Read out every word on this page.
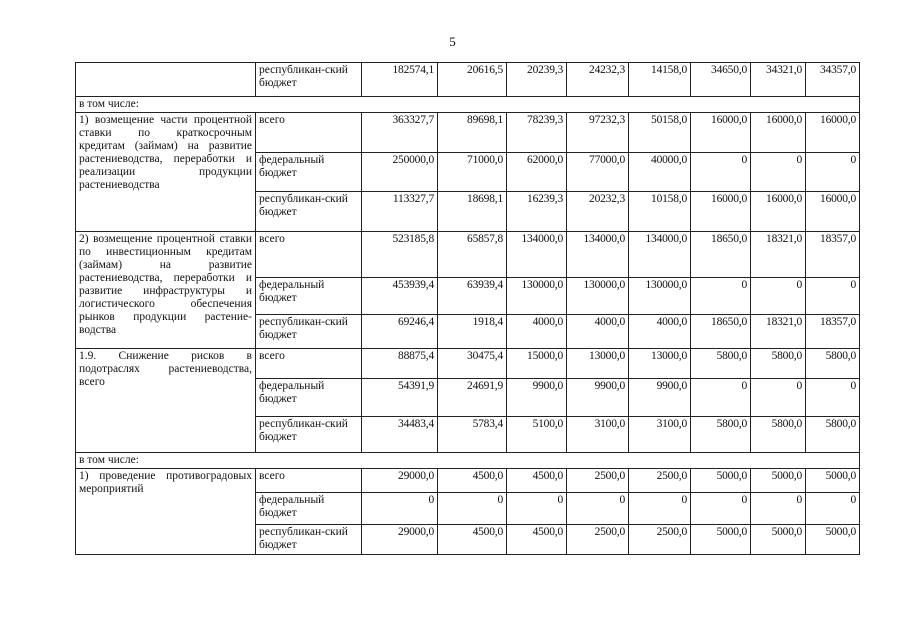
5
	республикан-ский бюджет	182574,1	20616,5	20239,3	24232,3	14158,0	34650,0	34321,0	34357,0
в том числе:									
1) возмещение части процентной ставки по краткосрочным кредитам (займам) на развитие растениеводства, переработки и реализации продукции растениеводства	всего	363327,7	89698,1	78239,3	97232,3	50158,0	16000,0	16000,0	16000,0
	федеральный бюджет	250000,0	71000,0	62000,0	77000,0	40000,0	0	0	0
	республикан-ский бюджет	113327,7	18698,1	16239,3	20232,3	10158,0	16000,0	16000,0	16000,0
2) возмещение процентной ставки по инвестиционным кредитам (займам) на развитие растениеводства, переработки и развитие инфраструктуры и логистического обеспечения рынков продукции растение-водства	всего	523185,8	65857,8	134000,0	134000,0	134000,0	18650,0	18321,0	18357,0
	федеральный бюджет	453939,4	63939,4	130000,0	130000,0	130000,0	0	0	0
	республикан-ский бюджет	69246,4	1918,4	4000,0	4000,0	4000,0	18650,0	18321,0	18357,0
1.9. Снижение рисков в подотраслях растениеводства, всего	всего	88875,4	30475,4	15000,0	13000,0	13000,0	5800,0	5800,0	5800,0
	федеральный бюджет	54391,9	24691,9	9900,0	9900,0	9900,0	0	0	0
	республикан-ский бюджет	34483,4	5783,4	5100,0	3100,0	3100,0	5800,0	5800,0	5800,0
в том числе:									
1) проведение противоградовых мероприятий	всего	29000,0	4500,0	4500,0	2500,0	2500,0	5000,0	5000,0	5000,0
	федеральный бюджет	0	0	0	0	0	0	0	0
	республикан-ский бюджет	29000,0	4500,0	4500,0	2500,0	2500,0	5000,0	5000,0	5000,0
